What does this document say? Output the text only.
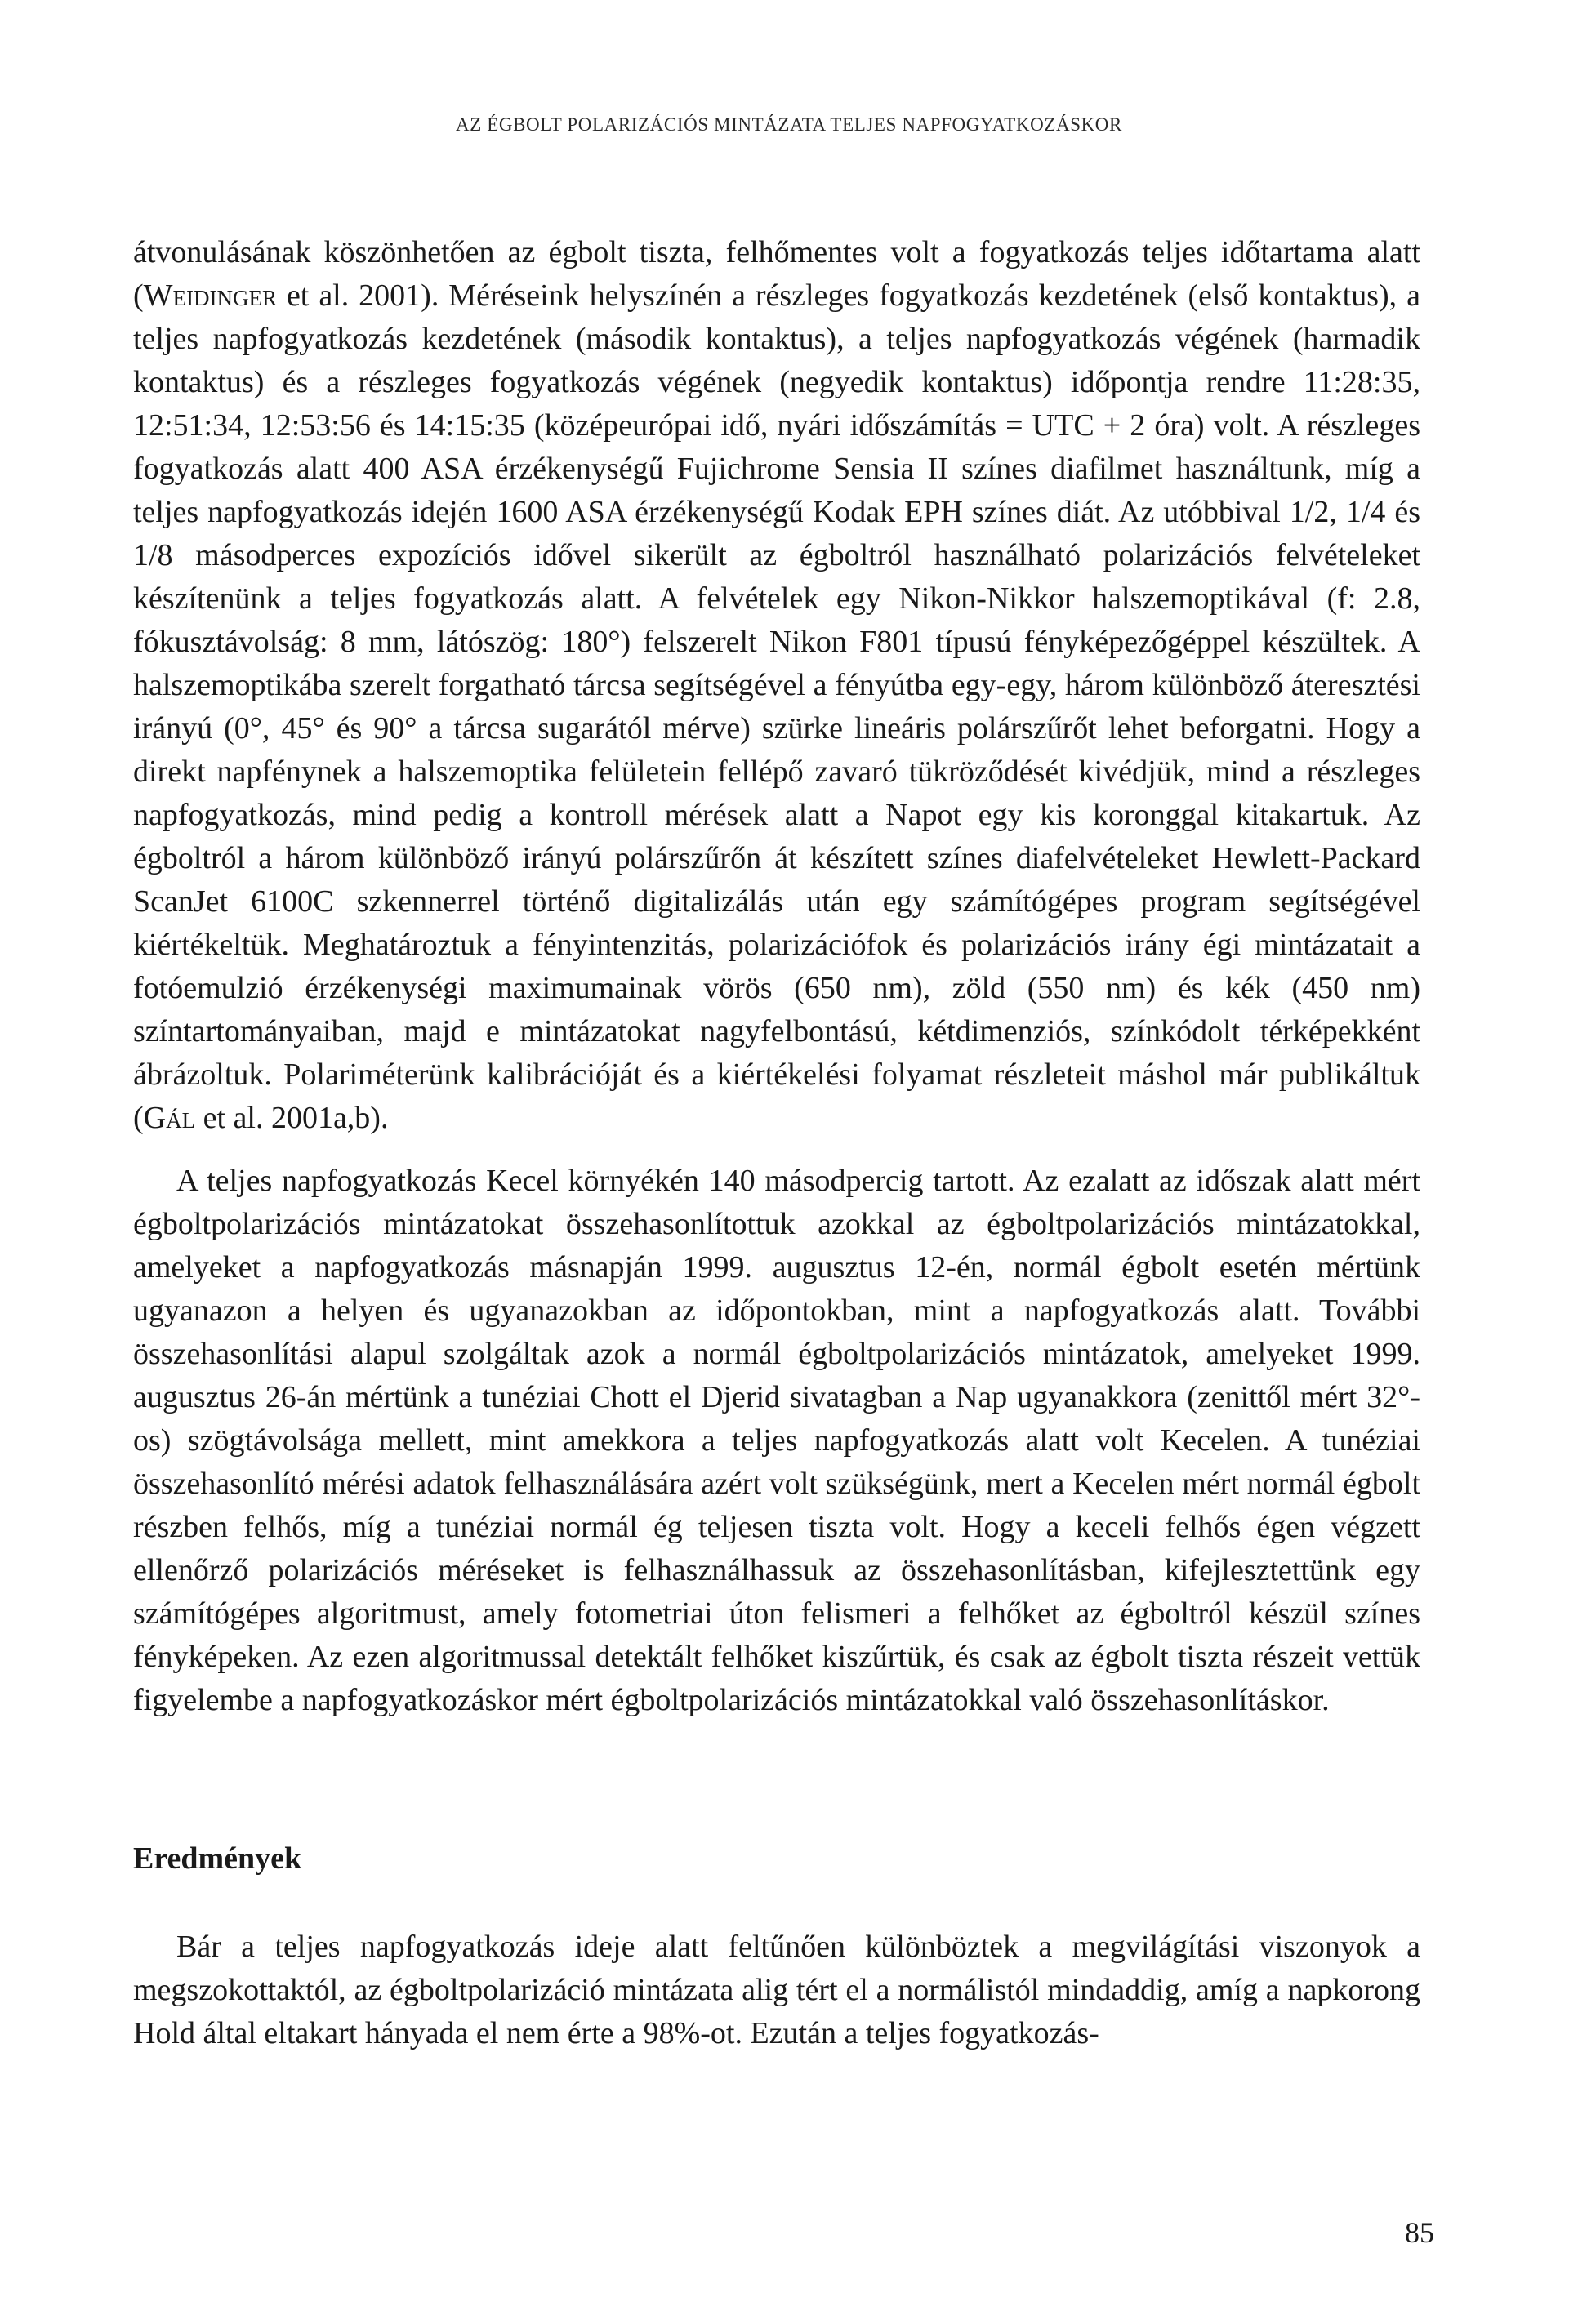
AZ ÉGBOLT POLARIZÁCIÓS MINTÁZATA TELJES NAPFOGYATKOZÁSKOR

átvonulásának köszönhetően az égbolt tiszta, felhőmentes volt a fogyatkozás teljes időtartama alatt (Weidinger et al. 2001). Méréseink helyszínén a részleges fogyatkozás kezdetének (első kontaktus), a teljes napfogyatkozás kezdetének (második kontaktus), a teljes napfogyatkozás végének (harmadik kontaktus) és a részleges fogyatkozás végének (negyedik kontaktus) időpontja rendre 11:28:35, 12:51:34, 12:53:56 és 14:15:35 (középeurópai idő, nyári időszámítás = UTC + 2 óra) volt. A részleges fogyatkozás alatt 400 ASA érzékenységű Fujichrome Sensia II színes diafilmet használtunk, míg a teljes napfogyatkozás idején 1600 ASA érzékenységű Kodak EPH színes diát. Az utóbbival 1/2, 1/4 és 1/8 másodperces expozíciós idővel sikerült az égboltról használható polarizációs felvételeket készítenünk a teljes fogyatkozás alatt. A felvételek egy Nikon-Nikkor halszemoptikával (f: 2.8, fókusztávolság: 8 mm, látószög: 180°) felszerelt Nikon F801 típusú fényképezőgéppel készültek. A halszemoptikába szerelt forgatható tárcsa segítségével a fényútba egy-egy, három különböző áteresztési irányú (0°, 45° és 90° a tárcsa sugarától mérve) szürke lineáris polárszűrőt lehet beforgatni. Hogy a direkt napfénynek a halszemoptika felületein fellépő zavaró tükröződését kivédjük, mind a részleges napfogyatkozás, mind pedig a kontroll mérések alatt a Napot egy kis koronggal kitakartuk. Az égboltról a három különböző irányú polárszűrőn át készített színes diafelvételeket Hewlett-Packard ScanJet 6100C szkennerrel történő digitalizálás után egy számítógépes program segítségével kiértékeltük. Meghatároztuk a fényintenzitás, polarizációfok és polarizációs irány égi mintázatait a fotóemulzió érzékenységi maximumainak vörös (650 nm), zöld (550 nm) és kék (450 nm) színtartományaiban, majd e mintázatokat nagyfelbontású, kétdimenziós, színkódolt térképekként ábrázoltuk. Polariméterünk kalibrációját és a kiértékelési folyamat részleteit máshol már publikáltuk (Gál et al. 2001a,b).

A teljes napfogyatkozás Kecel környékén 140 másodpercig tartott. Az ezalatt az időszak alatt mért égboltpolarizációs mintázatokat összehasonlítottuk azokkal az égboltpolarizációs mintázatokkal, amelyeket a napfogyatkozás másnapján 1999. augusztus 12-én, normál égbolt esetén mértünk ugyanazon a helyen és ugyanazokban az időpontokban, mint a napfogyatkozás alatt. További összehasonlítási alapul szolgáltak azok a normál égboltpolarizációs mintázatok, amelyeket 1999. augusztus 26-án mértünk a tunéziai Chott el Djerid sivatagban a Nap ugyanakkora (zenittől mért 32°-os) szögtávolsága mellett, mint amekkora a teljes napfogyatkozás alatt volt Kecelen. A tunéziai összehasonlító mérési adatok felhasználására azért volt szükségünk, mert a Kecelen mért normál égbolt részben felhős, míg a tunéziai normál ég teljesen tiszta volt. Hogy a keceli felhős égen végzett ellenőrző polarizációs méréseket is felhasználhassuk az összehasonlításban, kifejlesztettünk egy számítógépes algoritmust, amely fotometriai úton felismeri a felhőket az égboltról készül színes fényképeken. Az ezen algoritmussal detektált felhőket kiszűrtük, és csak az égbolt tiszta részeit vettük figyelembe a napfogyatkozáskor mért égboltpolarizációs mintázatokkal való összehasonlításkor.

Eredmények

Bár a teljes napfogyatkozás ideje alatt feltűnően különböztek a megvilágítási viszonyok a megszokottaktól, az égboltpolarizáció mintázata alig tért el a normálistól mindaddig, amíg a napkorong Hold által eltakart hányada el nem érte a 98%-ot. Ezután a teljes fogyatkozás-

85
